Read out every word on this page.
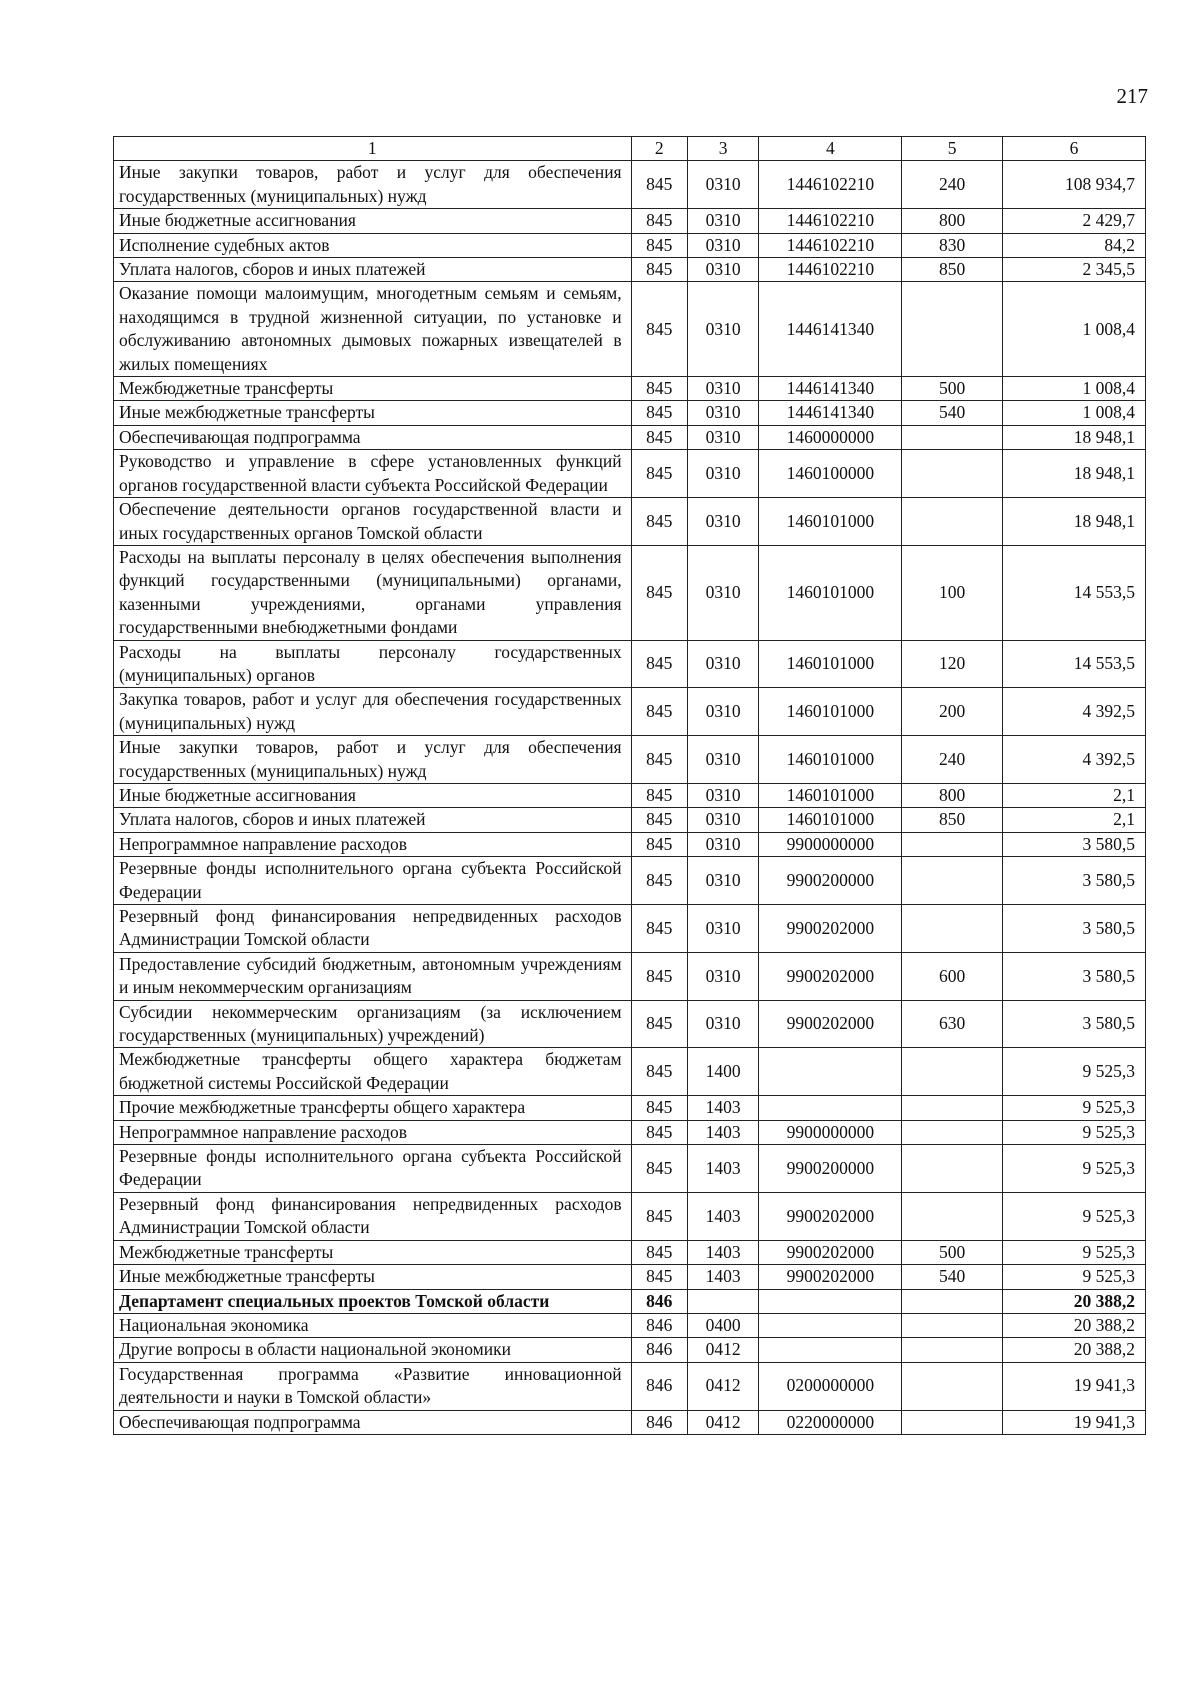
217
1	2	3	4	5	6
Иные закупки товаров, работ и услуг для обеспечения государственных (муниципальных) нужд	845	0310	1446102210	240	108 934,7
Иные бюджетные ассигнования	845	0310	1446102210	800	2 429,7
Исполнение судебных актов	845	0310	1446102210	830	84,2
Уплата налогов, сборов и иных платежей	845	0310	1446102210	850	2 345,5
Оказание помощи малоимущим, многодетным семьям и семьям, находящимся в трудной жизненной ситуации, по установке и обслуживанию автономных дымовых пожарных извещателей в жилых помещениях	845	0310	1446141340		1 008,4
Межбюджетные трансферты	845	0310	1446141340	500	1 008,4
Иные межбюджетные трансферты	845	0310	1446141340	540	1 008,4
Обеспечивающая подпрограмма	845	0310	1460000000		18 948,1
Руководство и управление в сфере установленных функций органов государственной власти субъекта Российской Федерации	845	0310	1460100000		18 948,1
Обеспечение деятельности органов государственной власти и иных государственных органов Томской области	845	0310	1460101000		18 948,1
Расходы на выплаты персоналу в целях обеспечения выполнения функций государственными (муниципальными) органами, казенными учреждениями, органами управления государственными внебюджетными фондами	845	0310	1460101000	100	14 553,5
Расходы на выплаты персоналу государственных (муниципальных) органов	845	0310	1460101000	120	14 553,5
Закупка товаров, работ и услуг для обеспечения государственных (муниципальных) нужд	845	0310	1460101000	200	4 392,5
Иные закупки товаров, работ и услуг для обеспечения государственных (муниципальных) нужд	845	0310	1460101000	240	4 392,5
Иные бюджетные ассигнования	845	0310	1460101000	800	2,1
Уплата налогов, сборов и иных платежей	845	0310	1460101000	850	2,1
Непрограммное направление расходов	845	0310	9900000000		3 580,5
Резервные фонды исполнительного органа субъекта Российской Федерации	845	0310	9900200000		3 580,5
Резервный фонд финансирования непредвиденных расходов Администрации Томской области	845	0310	9900202000		3 580,5
Предоставление субсидий бюджетным, автономным учреждениям и иным некоммерческим организациям	845	0310	9900202000	600	3 580,5
Субсидии некоммерческим организациям (за исключением государственных (муниципальных) учреждений)	845	0310	9900202000	630	3 580,5
Межбюджетные трансферты общего характера бюджетам бюджетной системы Российской Федерации	845	1400			9 525,3
Прочие межбюджетные трансферты общего характера	845	1403			9 525,3
Непрограммное направление расходов	845	1403	9900000000		9 525,3
Резервные фонды исполнительного органа субъекта Российской Федерации	845	1403	9900200000		9 525,3
Резервный фонд финансирования непредвиденных расходов Администрации Томской области	845	1403	9900202000		9 525,3
Межбюджетные трансферты	845	1403	9900202000	500	9 525,3
Иные межбюджетные трансферты	845	1403	9900202000	540	9 525,3
Департамент специальных проектов Томской области	846				20 388,2
Национальная экономика	846	0400			20 388,2
Другие вопросы в области национальной экономики	846	0412			20 388,2
Государственная программа «Развитие инновационной деятельности и науки в Томской области»	846	0412	0200000000		19 941,3
Обеспечивающая подпрограмма	846	0412	0220000000		19 941,3
